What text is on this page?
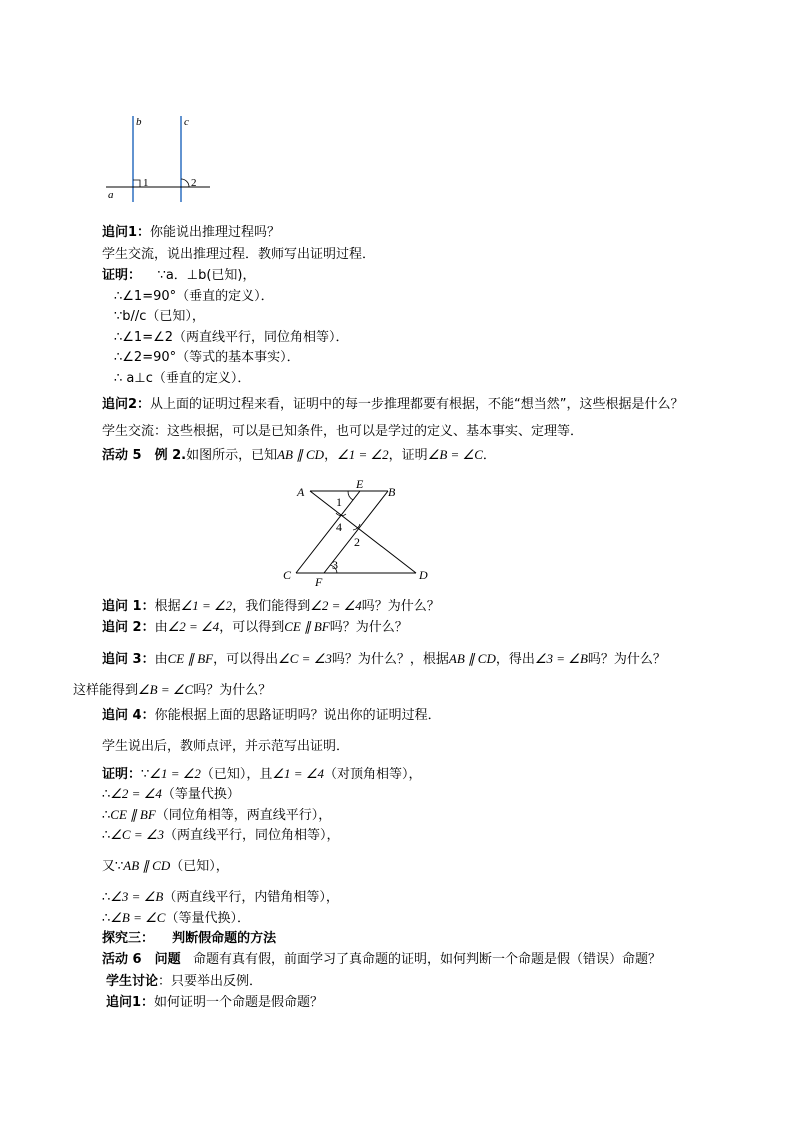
b	c
a
1	2
追问1：你能说出推理过程吗？
学生交流，说出推理过程．教师写出证明过程．
证明： ∵a．⊥b(已知)，
∴∠1=90°（垂直的定义）．
∵b//c（已知），
∴∠1=∠2（两直线平行，同位角相等）．
∴∠2=90°（等式的基本事实）．
∴ a⊥c（垂直的定义）．
追问2：从上面的证明过程来看，证明中的每一步推理都要有根据，不能“想当然”，这些根据是什么？
学生交流：这些根据，可以是已知条件，也可以是学过的定义、基本事实、定理等．
活动 5　例 2.如图所示，已知AB ∥ CD，∠1 = ∠2，证明∠B = ∠C．
A
E
B
C F	D
1
2
3
4
追问 1：根据∠1 = ∠2，我们能得到∠2 = ∠4吗？为什么？
追问 2：由∠2 = ∠4，可以得到CE ∥ BF吗？为什么？
追问 3：由CE ∥ BF，可以得出∠C = ∠3吗？为什么？，根据AB ∥ CD，得出∠3 = ∠B吗？为什么？
这样能得到∠B = ∠C吗？为什么？
追问 4：你能根据上面的思路证明吗？说出你的证明过程．
学生说出后，教师点评，并示范写出证明．
证明：∵∠1 = ∠2（已知），且∠1 = ∠4（对顶角相等），
∴∠2 = ∠4（等量代换）
∴CE ∥ BF（同位角相等，两直线平行），
∴∠C = ∠3（两直线平行，同位角相等），
又∵AB ∥ CD（已知），
∴∠3 = ∠B（两直线平行，内错角相等），
∴∠B = ∠C（等量代换）．
探究三： 判断假命题的方法
活动 6　问题 命题有真有假，前面学习了真命题的证明，如何判断一个命题是假（错误）命题？
学生讨论：只要举出反例．
追问1：如何证明一个命题是假命题？
